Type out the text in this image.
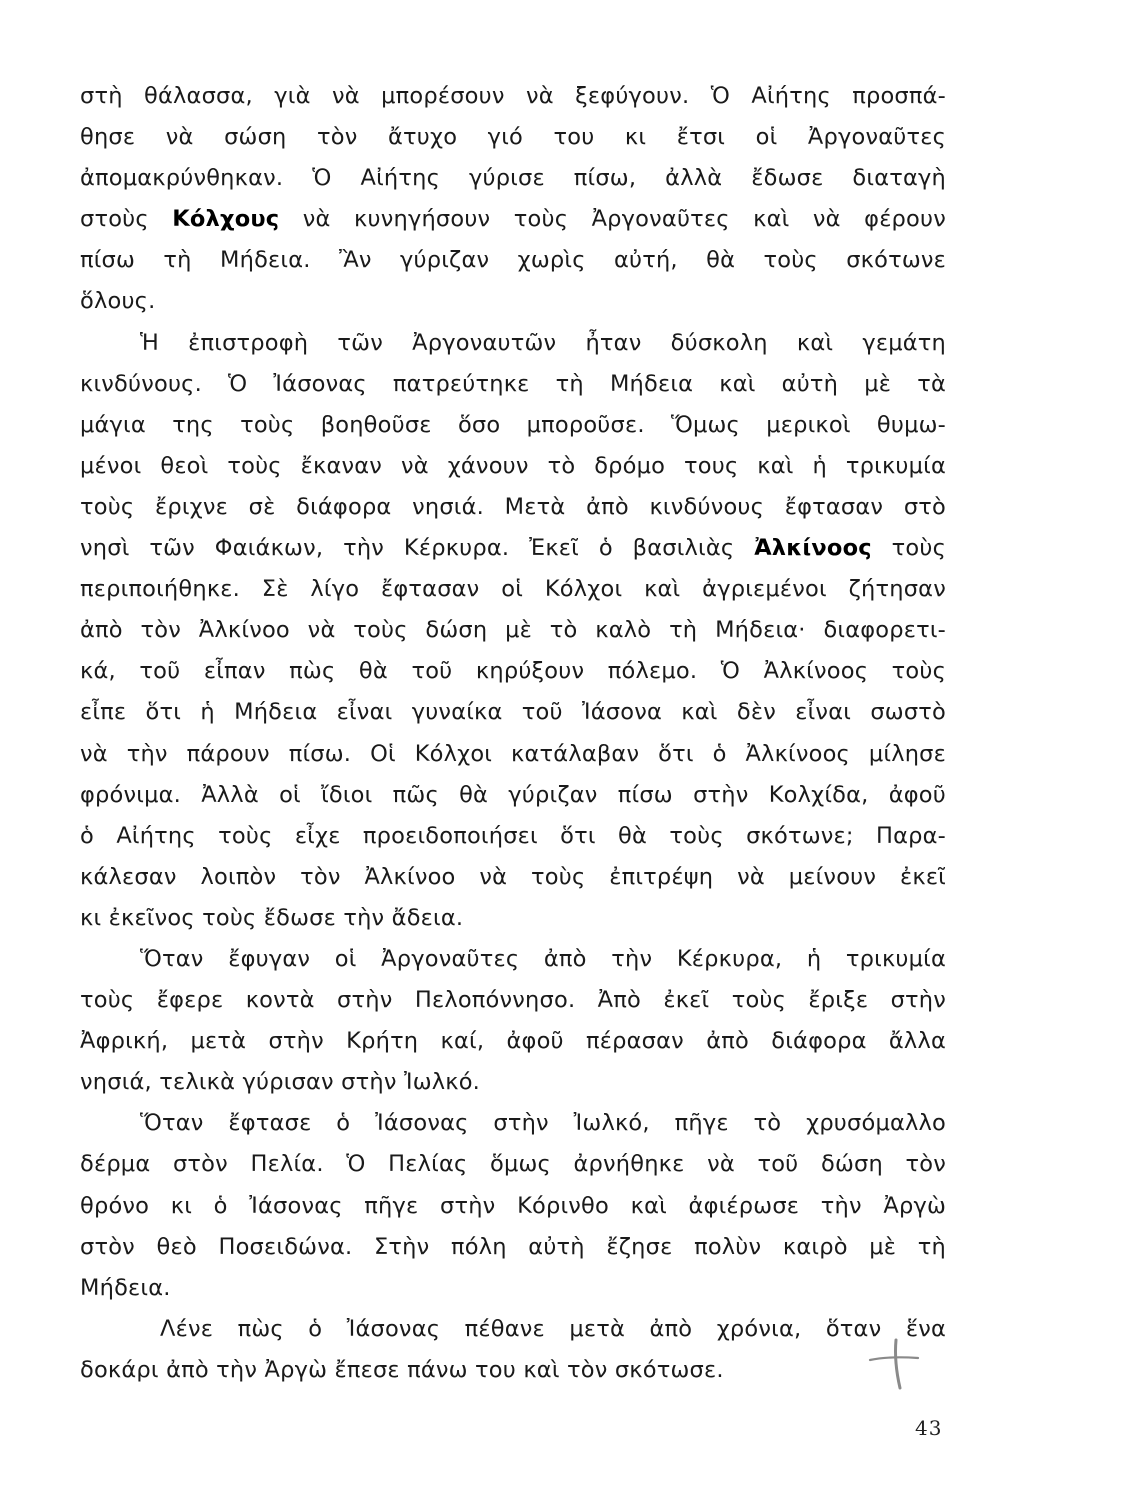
στὴ θάλασσα, γιὰ νὰ μπορέσουν νὰ ξεφύγουν. Ὁ Αἰήτης προσπά-
θησε νὰ σώση τὸν ἄτυχο γιό του κι ἔτσι οἱ Ἀργοναῦτες
ἀπομακρύνθηκαν. Ὁ Αἰήτης γύρισε πίσω, ἀλλὰ ἔδωσε διαταγὴ
στοὺς Κόλχους νὰ κυνηγήσουν τοὺς Ἀργοναῦτες καὶ νὰ φέρουν
πίσω τὴ Μήδεια. Ἂν γύριζαν χωρὶς αὐτή, θὰ τοὺς σκότωνε
ὅλους.
Ἡ ἐπιστροφὴ τῶν Ἀργοναυτῶν ἦταν δύσκολη καὶ γεμάτη
κινδύνους. Ὁ Ἰάσονας πατρεύτηκε τὴ Μήδεια καὶ αὐτὴ μὲ τὰ
μάγια της τοὺς βοηθοῦσε ὅσο μποροῦσε. Ὅμως μερικοὶ θυμω-
μένοι θεοὶ τοὺς ἔκαναν νὰ χάνουν τὸ δρόμο τους καὶ ἡ τρικυμία
τοὺς ἔριχνε σὲ διάφορα νησιά. Μετὰ ἀπὸ κινδύνους ἔφτασαν στὸ
νησὶ τῶν Φαιάκων, τὴν Κέρκυρα. Ἐκεῖ ὁ βασιλιὰς Ἀλκίνοος τοὺς
περιποιήθηκε. Σὲ λίγο ἔφτασαν οἱ Κόλχοι καὶ ἀγριεμένοι ζήτησαν
ἀπὸ τὸν Ἀλκίνοο νὰ τοὺς δώση μὲ τὸ καλὸ τὴ Μήδεια· διαφορετι-
κά, τοῦ εἶπαν πὼς θὰ τοῦ κηρύξουν πόλεμο. Ὁ Ἀλκίνοος τοὺς
εἶπε ὅτι ἡ Μήδεια εἶναι γυναίκα τοῦ Ἰάσονα καὶ δὲν εἶναι σωστὸ
νὰ τὴν πάρουν πίσω. Οἱ Κόλχοι κατάλαβαν ὅτι ὁ Ἀλκίνοος μίλησε
φρόνιμα. Ἀλλὰ οἱ ἴδιοι πῶς θὰ γύριζαν πίσω στὴν Κολχίδα, ἀφοῦ
ὁ Αἰήτης τοὺς εἶχε προειδοποιήσει ὅτι θὰ τοὺς σκότωνε; Παρα-
κάλεσαν λοιπὸν τὸν Ἀλκίνοο νὰ τοὺς ἐπιτρέψη νὰ μείνουν ἐκεῖ
κι ἐκεῖνος τοὺς ἔδωσε τὴν ἄδεια.
Ὅταν ἔφυγαν οἱ Ἀργοναῦτες ἀπὸ τὴν Κέρκυρα, ἡ τρικυμία
τοὺς ἔφερε κοντὰ στὴν Πελοπόννησο. Ἀπὸ ἐκεῖ τοὺς ἔριξε στὴν
Ἀφρική, μετὰ στὴν Κρήτη καί, ἀφοῦ πέρασαν ἀπὸ διάφορα ἄλλα
νησιά, τελικὰ γύρισαν στὴν Ἰωλκό.
Ὅταν ἔφτασε ὁ Ἰάσονας στὴν Ἰωλκό, πῆγε τὸ χρυσόμαλλο
δέρμα στὸν Πελία. Ὁ Πελίας ὅμως ἀρνήθηκε νὰ τοῦ δώση τὸν
θρόνο κι ὁ Ἰάσονας πῆγε στὴν Κόρινθο καὶ ἀφιέρωσε τὴν Ἀργὼ
στὸν θεὸ Ποσειδώνα. Στὴν πόλη αὐτὴ ἔζησε πολὺν καιρὸ μὲ τὴ
Μήδεια.
Λένε πὼς ὁ Ἰάσονας πέθανε μετὰ ἀπὸ χρόνια, ὅταν ἕνα
δοκάρι ἀπὸ τὴν Ἀργὼ ἔπεσε πάνω του καὶ τὸν σκότωσε.
43
